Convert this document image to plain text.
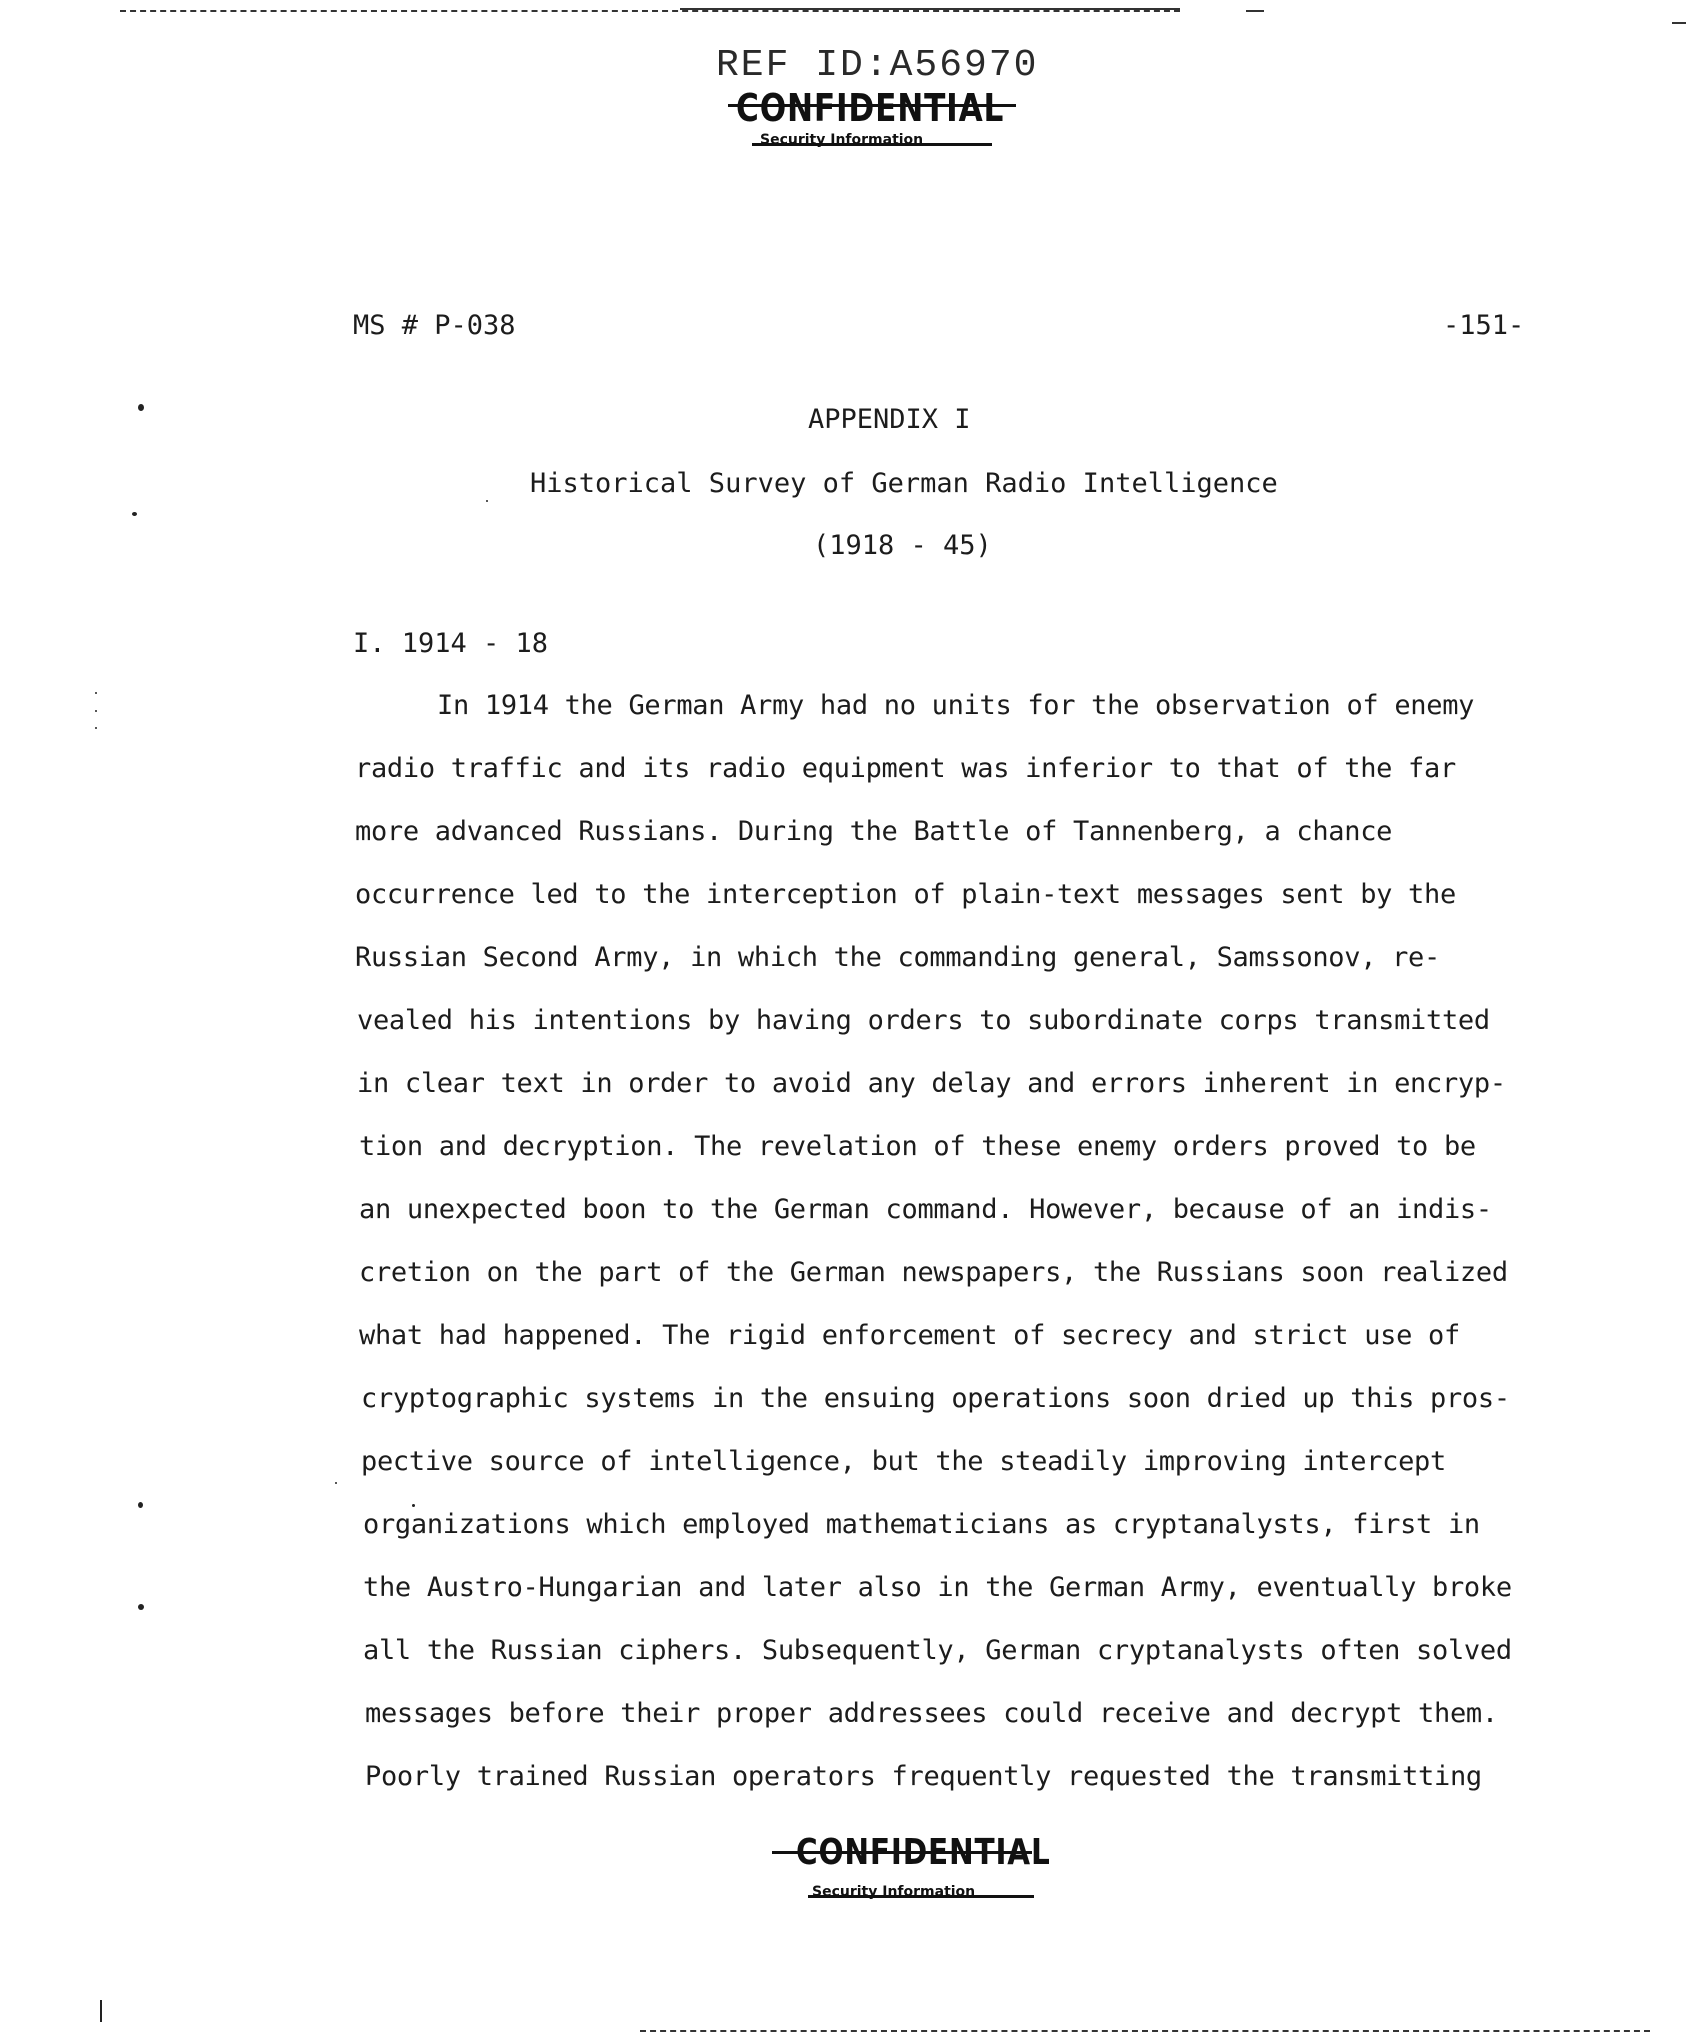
REF ID:A56970
CONFIDENTIAL
Security Information
MS # P-038	-151-
APPENDIX I
Historical Survey of German Radio Intelligence
(1918 - 45)
I. 1914 - 18
In 1914 the German Army had no units for the observation of enemy
radio traffic and its radio equipment was inferior to that of the far
more advanced Russians. During the Battle of Tannenberg, a chance
occurrence led to the interception of plain-text messages sent by the
Russian Second Army, in which the commanding general, Samssonov, re-
vealed his intentions by having orders to subordinate corps transmitted
in clear text in order to avoid any delay and errors inherent in encryp-
tion and decryption. The revelation of these enemy orders proved to be
an unexpected boon to the German command. However, because of an indis-
cretion on the part of the German newspapers, the Russians soon realized
what had happened. The rigid enforcement of secrecy and strict use of
cryptographic systems in the ensuing operations soon dried up this pros-
pective source of intelligence, but the steadily improving intercept
organizations which employed mathematicians as cryptanalysts, first in
the Austro-Hungarian and later also in the German Army, eventually broke
all the Russian ciphers. Subsequently, German cryptanalysts often solved
messages before their proper addressees could receive and decrypt them.
Poorly trained Russian operators frequently requested the transmitting
CONFIDENTIAL
Security Information
